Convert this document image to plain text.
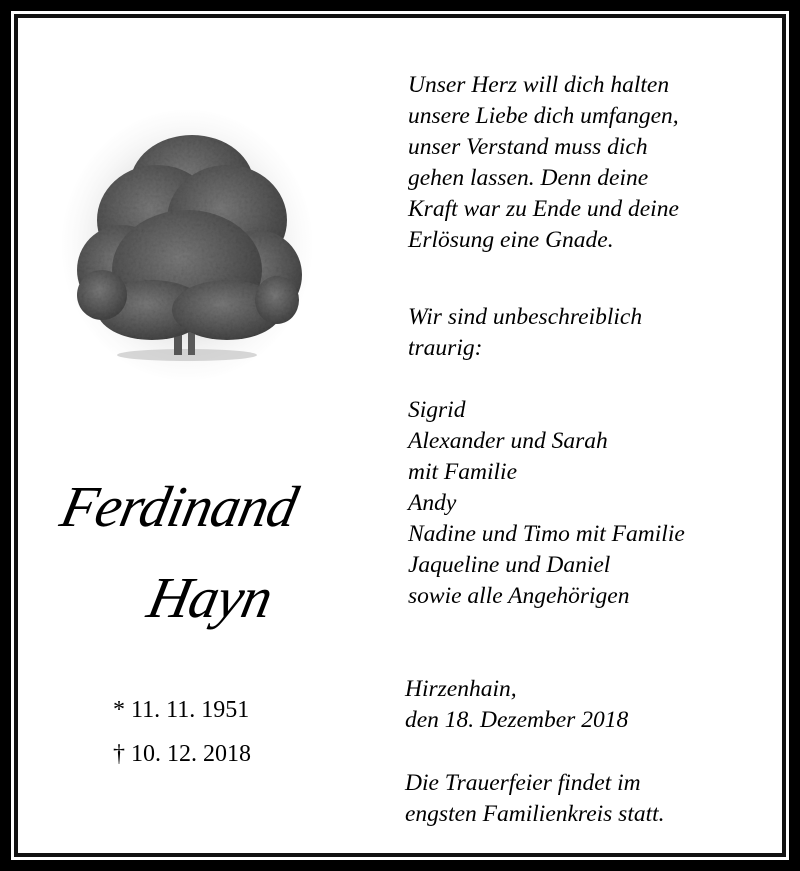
Ferdinand
Hayn
* 11. 11. 1951
† 10. 12. 2018
Unser Herz will dich halten
unsere Liebe dich umfangen,
unser Verstand muss dich
gehen lassen. Denn deine
Kraft war zu Ende und deine
Erlösung eine Gnade.
Wir sind unbeschreiblich
traurig:
Sigrid
Alexander und Sarah
mit Familie
Andy
Nadine und Timo mit Familie
Jaqueline und Daniel
sowie alle Angehörigen
Hirzenhain,
den 18. Dezember 2018
Die Trauerfeier findet im
engsten Familienkreis statt.
